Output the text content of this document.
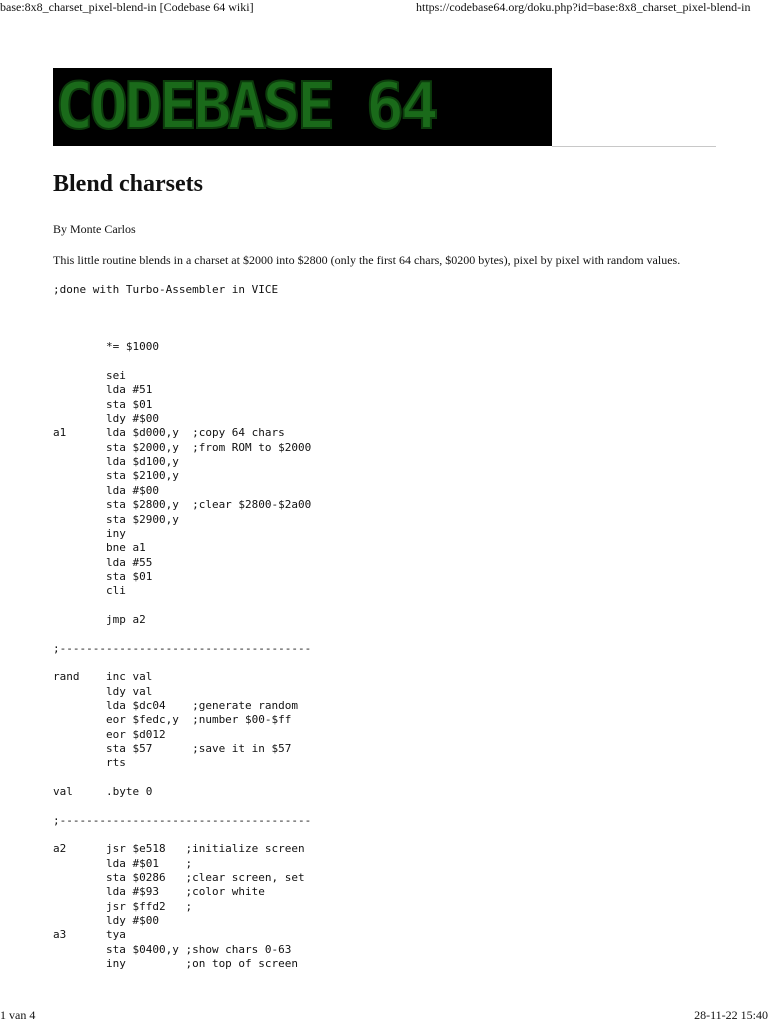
base:8x8_charset_pixel-blend-in [Codebase 64 wiki]	https://codebase64.org/doku.php?id=base:8x8_charset_pixel-blend-in
CODEBASE 64
Blend charsets
By Monte Carlos
This little routine blends in a charset at $2000 into $2800 (only the first 64 chars, $0200 bytes), pixel by pixel with random values.
;done with Turbo-Assembler in VICE

*= $1000

sei
lda #51
sta $01
ldy #$00
a1      lda $d000,y  ;copy 64 chars
sta $2000,y  ;from ROM to $2000
lda $d100,y
sta $2100,y
lda #$00
sta $2800,y  ;clear $2800-$2a00
sta $2900,y
iny
bne a1
lda #55
sta $01
cli

jmp a2

;--------------------------------------

rand    inc val
ldy val
lda $dc04    ;generate random
eor $fedc,y  ;number $00-$ff
eor $d012
sta $57      ;save it in $57
rts

val     .byte 0

;--------------------------------------

a2      jsr $e518   ;initialize screen
lda #$01    ;
sta $0286   ;clear screen, set
lda #$93    ;color white
jsr $ffd2   ;
ldy #$00
a3      tya
sta $0400,y ;show chars 0-63
iny         ;on top of screen
1 van 4	28-11-22 15:40
